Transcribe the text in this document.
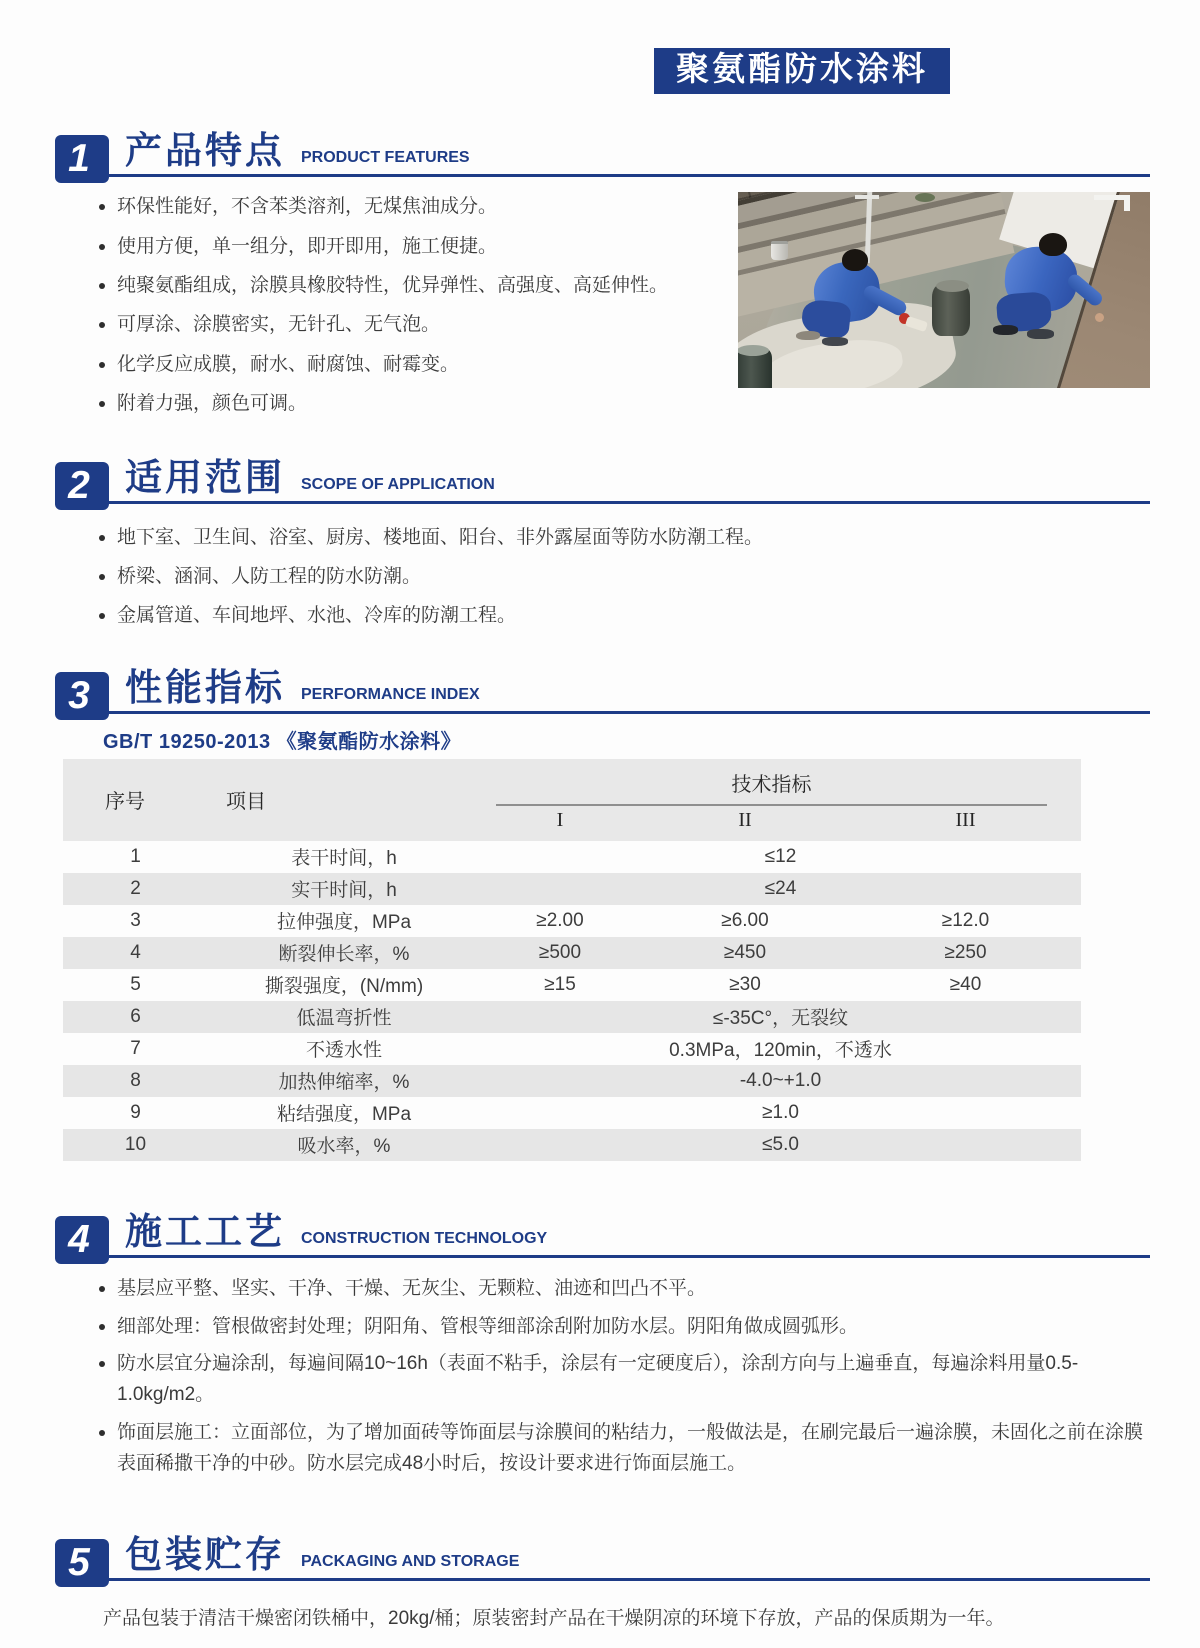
聚氨酯防水涂料
1 产品特点 PRODUCT FEATURES
环保性能好，不含苯类溶剂，无煤焦油成分。
使用方便，单一组分，即开即用，施工便捷。
纯聚氨酯组成，涂膜具橡胶特性，优异弹性、高强度、高延伸性。
可厚涂、涂膜密实，无针孔、无气泡。
化学反应成膜，耐水、耐腐蚀、耐霉变。
附着力强，颜色可调。
2 适用范围 SCOPE OF APPLICATION
地下室、卫生间、浴室、厨房、楼地面、阳台、非外露屋面等防水防潮工程。
桥梁、涵洞、人防工程的防水防潮。
金属管道、车间地坪、水池、冷库的防潮工程。
3 性能指标 PERFORMANCE INDEX
GB/T 19250-2013 《聚氨酯防水涂料》
序号	项目	技术指标		

		I	II	III
1	表干时间，h	≤12		
2	实干时间，h	≤24		
3	拉伸强度，MPa	≥2.00	≥6.00	≥12.0
4	断裂伸长率，%	≥500	≥450	≥250
5	撕裂强度，(N/mm)	≥15	≥30	≥40
6	低温弯折性	≤-35C°，无裂纹		
7	不透水性	0.3MPa，120min，不透水		
8	加热伸缩率，%	-4.0~+1.0		
9	粘结强度，MPa	≥1.0		
10	吸水率，%	≤5.0		
4 施工工艺 CONSTRUCTION TECHNOLOGY
基层应平整、坚实、干净、干燥、无灰尘、无颗粒、油迹和凹凸不平。
细部处理：管根做密封处理；阴阳角、管根等细部涂刮附加防水层。阴阳角做成圆弧形。
防水层宜分遍涂刮，每遍间隔10~16h（表面不粘手，涂层有一定硬度后），涂刮方向与上遍垂直，每遍涂料用量0.5-1.0kg/m2。
饰面层施工：立面部位，为了增加面砖等饰面层与涂膜间的粘结力，一般做法是，在刷完最后一遍涂膜，未固化之前在涂膜表面稀撒干净的中砂。防水层完成48小时后，按设计要求进行饰面层施工。
5 包装贮存 PACKAGING AND STORAGE

产品包装于清洁干燥密闭铁桶中，20kg/桶；原装密封产品在干燥阴凉的环境下存放，产品的保质期为一年。
